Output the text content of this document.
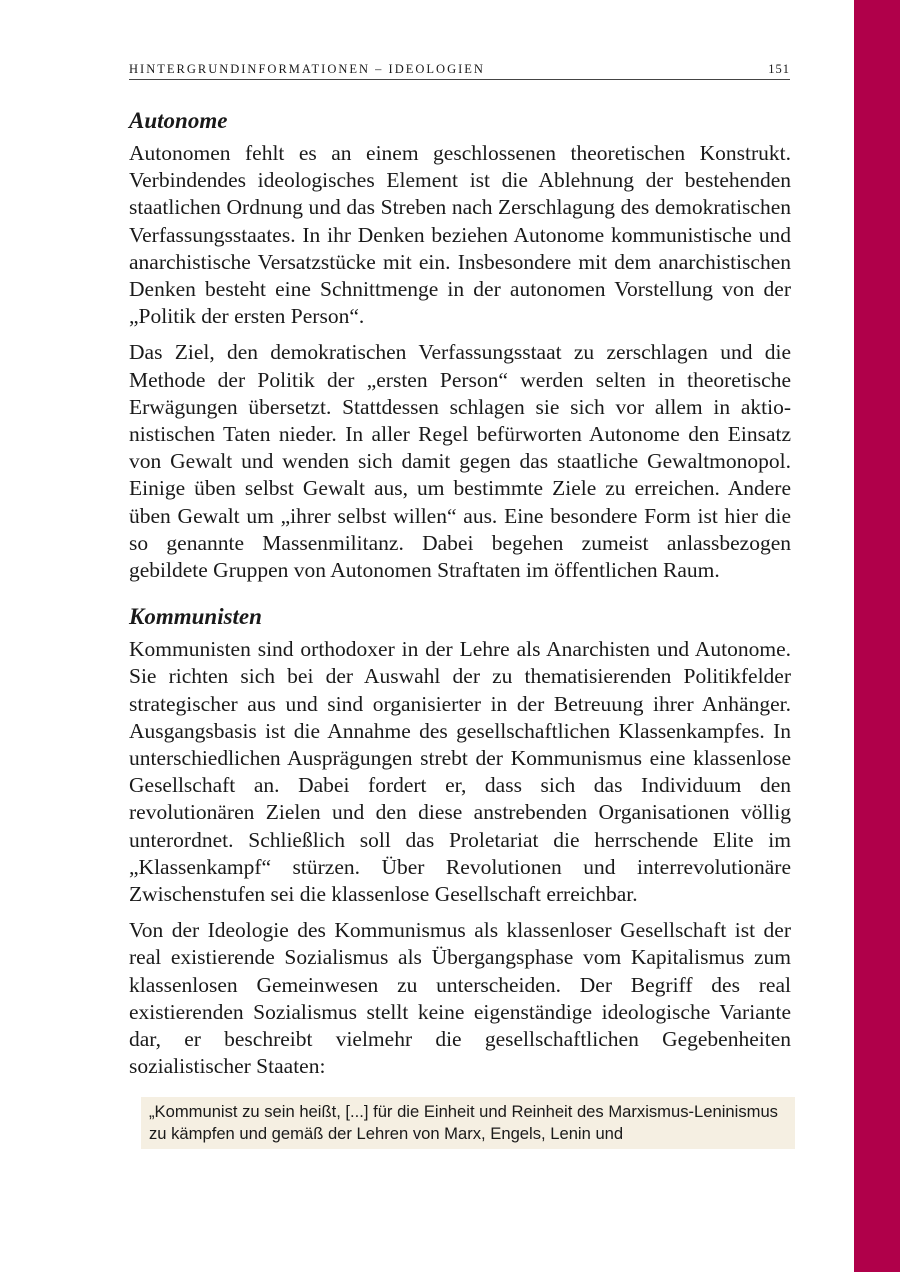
HINTERGRUNDINFORMATIONEN – IDEOLOGIEN	151
Autonome

Autonomen fehlt es an einem geschlossenen theoretischen Konstrukt. Verbindendes ideologisches Element ist die Ablehnung der bestehenden staatlichen Ordnung und das Streben nach Zerschlagung des demokratischen Verfassungsstaates. In ihr Denken beziehen Autonome kommunistische und anarchistische Versatzstücke mit ein. Insbesondere mit dem anarchistischen Denken besteht eine Schnittmenge in der autonomen Vorstellung von der „Politik der ersten Person“.

Das Ziel, den demokratischen Verfassungsstaat zu zerschlagen und die Methode der Politik der „ersten Person“ werden selten in theoretische Erwägungen übersetzt. Stattdessen schlagen sie sich vor allem in aktionistischen Taten nieder. In aller Regel befürworten Autonome den Einsatz von Gewalt und wenden sich damit gegen das staatliche Gewaltmonopol. Einige üben selbst Gewalt aus, um bestimmte Ziele zu erreichen. Andere üben Gewalt um „ihrer selbst willen“ aus. Eine besondere Form ist hier die so genannte Massenmilitanz. Dabei begehen zumeist anlassbezogen gebildete Gruppen von Autonomen Straftaten im öffentlichen Raum.

Kommunisten

Kommunisten sind orthodoxer in der Lehre als Anarchisten und Autonome. Sie richten sich bei der Auswahl der zu thematisierenden Politikfelder strategischer aus und sind organisierter in der Betreuung ihrer Anhänger. Ausgangsbasis ist die Annahme des gesellschaftlichen Klassenkampfes. In unterschiedlichen Ausprägungen strebt der Kommunismus eine klassenlose Gesellschaft an. Dabei fordert er, dass sich das Individuum den revolutionären Zielen und den diese anstrebenden Organisationen völlig unterordnet. Schließlich soll das Proletariat die herrschende Elite im „Klassenkampf“ stürzen. Über Revolutionen und interrevolutionäre Zwischenstufen sei die klassenlose Gesellschaft erreichbar.

Von der Ideologie des Kommunismus als klassenloser Gesellschaft ist der real existierende Sozialismus als Übergangsphase vom Kapitalismus zum klassenlosen Gemeinwesen zu unterscheiden. Der Begriff des real existierenden Sozialismus stellt keine eigenständige ideologische Variante dar, er beschreibt vielmehr die gesellschaftlichen Gegebenheiten sozialistischer Staaten:

„Kommunist zu sein heißt, [...] für die Einheit und Reinheit des Marxismus-Leninismus zu kämpfen und gemäß der Lehren von Marx, Engels, Lenin und
